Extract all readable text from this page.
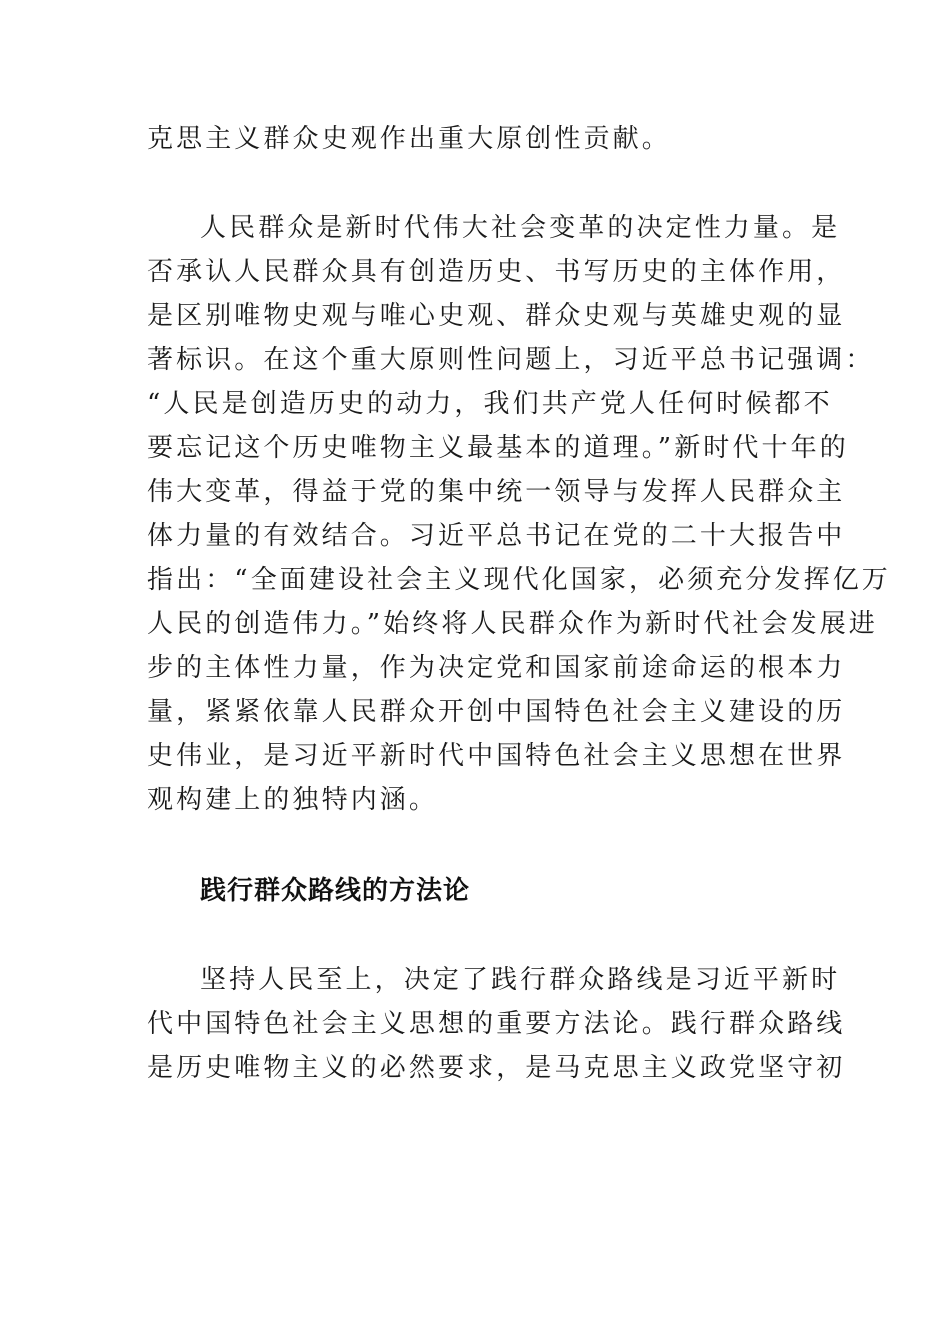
克思主义群众史观作出重大原创性贡献。

人民群众是新时代伟大社会变革的决定性力量。是

否承认人民群众具有创造历史、书写历史的主体作用，

是区别唯物史观与唯心史观、群众史观与英雄史观的显

著标识。在这个重大原则性问题上，习近平总书记强调：

“人民是创造历史的动力，我们共产党人任何时候都不

要忘记这个历史唯物主义最基本的道理。”新时代十年的

伟大变革，得益于党的集中统一领导与发挥人民群众主

体力量的有效结合。习近平总书记在党的二十大报告中

指出：“全面建设社会主义现代化国家，必须充分发挥亿万

人民的创造伟力。”始终将人民群众作为新时代社会发展进

步的主体性力量，作为决定党和国家前途命运的根本力

量，紧紧依靠人民群众开创中国特色社会主义建设的历

史伟业，是习近平新时代中国特色社会主义思想在世界

观构建上的独特内涵。

践行群众路线的方法论

坚持人民至上，决定了践行群众路线是习近平新时

代中国特色社会主义思想的重要方法论。践行群众路线

是历史唯物主义的必然要求，是马克思主义政党坚守初
